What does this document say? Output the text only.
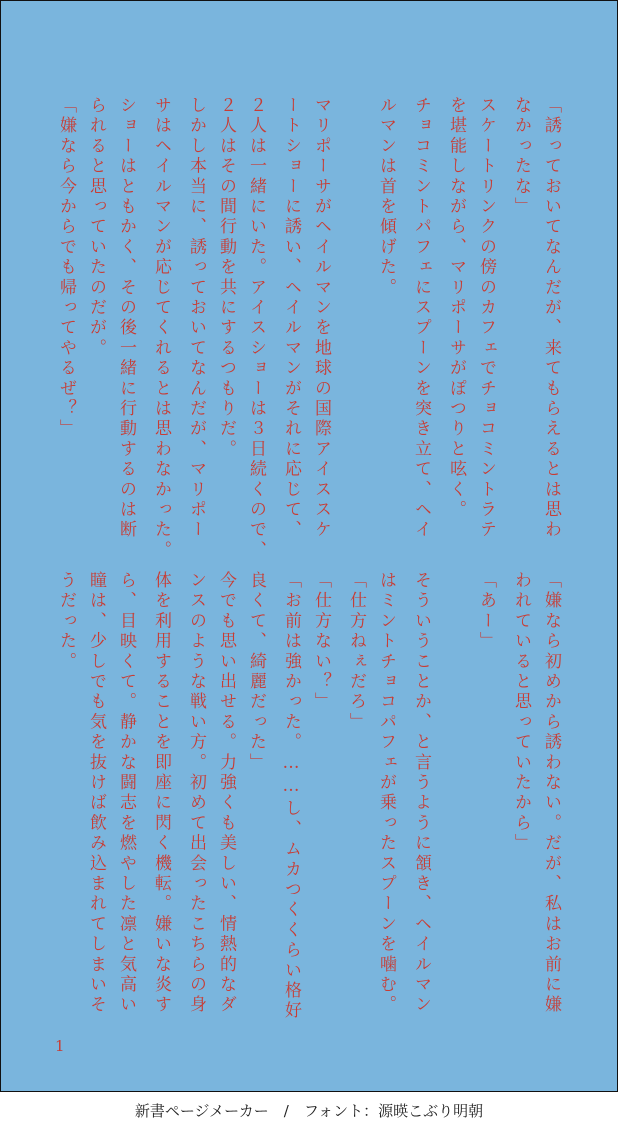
「誘っておいてなんだが、来てもらえるとは思わ

なかったな」

スケートリンクの傍のカフェでチョコミントラテ

を堪能しながら、マリポーサがぽつりと呟く。

チョコミントパフェにスプーンを突き立て、ヘイ

ルマンは首を傾げた。

マリポーサがヘイルマンを地球の国際アイススケ

ートショーに誘い、ヘイルマンがそれに応じて、

２人は一緒にいた。アイスショーは３日続くので、

２人はその間行動を共にするつもりだ。

しかし本当に、誘っておいてなんだが、マリポー

サはヘイルマンが応じてくれるとは思わなかった。

ショーはともかく、その後一緒に行動するのは断

られると思っていたのだが。

「嫌なら今からでも帰ってやるぜ？」

「嫌なら初めから誘わない。だが、私はお前に嫌

われていると思っていたから」

「あー」

そういうことか、と言うように頷き、ヘイルマン

はミントチョコパフェが乗ったスプーンを噛む。

「仕方ねぇだろ」

「仕方ない？」

「お前は強かった。……し、ムカつくくらい格好

良くて、綺麗だった」

今でも思い出せる。力強くも美しい、情熱的なダ

ンスのような戦い方。初めて出会ったこちらの身

体を利用することを即座に閃く機転。嫌いな炎す

ら、目映くて。静かな闘志を燃やした凛と気高い

瞳は、少しでも気を抜けば飲み込まれてしまいそ

うだった。

1
新書ページメーカー　/　フォント：源暎こぶり明朝
